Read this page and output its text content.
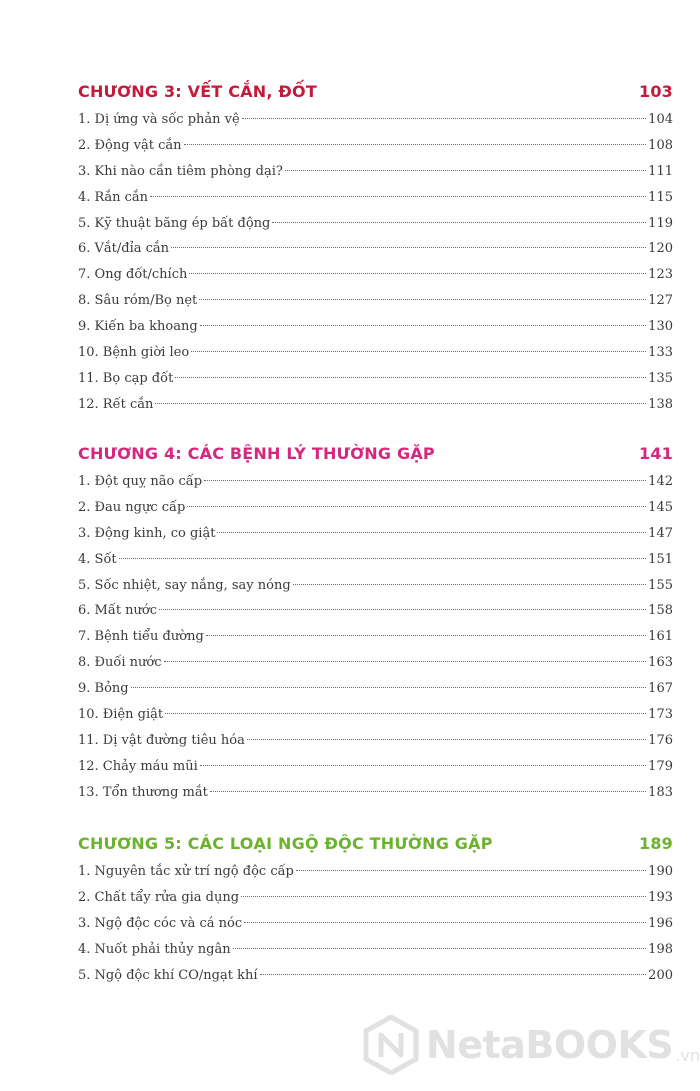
CHƯƠNG 3: VẾT CẮN, ĐỐT	103
1. Dị ứng và sốc phản vệ	104
2. Động vật cắn	108
3. Khi nào cần tiêm phòng dại?	111
4. Rắn cắn	115
5. Kỹ thuật băng ép bất động	119
6. Vắt/đỉa cắn	120
7. Ong đốt/chích	123
8. Sâu róm/Bọ nẹt	127
9. Kiến ba khoang	130
10. Bệnh giời leo	133
11. Bọ cạp đốt	135
12. Rết cắn	138
CHƯƠNG 4: CÁC BỆNH LÝ THƯỜNG GẶP	141
1. Đột quỵ não cấp	142
2. Đau ngực cấp	145
3. Động kinh, co giật	147
4. Sốt	151
5. Sốc nhiệt, say nắng, say nóng	155
6. Mất nước	158
7. Bệnh tiểu đường	161
8. Đuối nước	163
9. Bỏng	167
10. Điện giật	173
11. Dị vật đường tiêu hóa	176
12. Chảy máu mũi	179
13. Tổn thương mắt	183
CHƯƠNG 5: CÁC LOẠI NGỘ ĐỘC THƯỜNG GẶP	189
1. Nguyên tắc xử trí ngộ độc cấp	190
2. Chất tẩy rửa gia dụng	193
3. Ngộ độc cóc và cá nóc	196
4. Nuốt phải thủy ngân	198
5. Ngộ độc khí CO/ngạt khí	200
NetaBOOKS .vn
